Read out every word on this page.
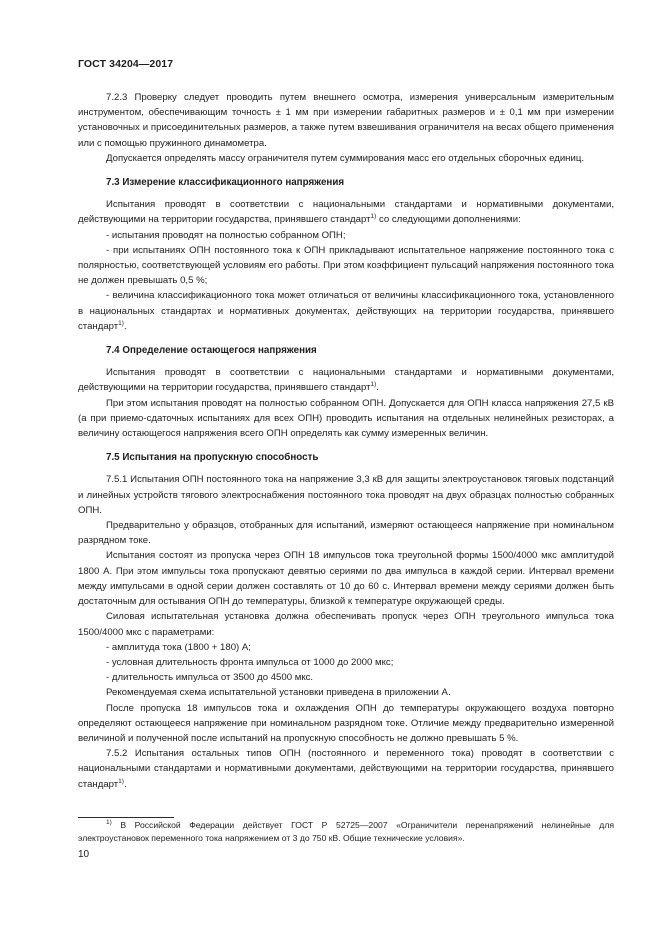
ГОСТ 34204—2017

7.2.3 Проверку следует проводить путем внешнего осмотра, измерения универсальным измерительным инструментом, обеспечивающим точность ± 1 мм при измерении габаритных размеров и ± 0,1 мм при измерении установочных и присоединительных размеров, а также путем взвешивания ограничителя на весах общего применения или с помощью пружинного динамометра.

Допускается определять массу ограничителя путем суммирования масс его отдельных сборочных единиц.

7.3 Измерение классификационного напряжения

Испытания проводят в соответствии с национальными стандартами и нормативными документами, действующими на территории государства, принявшего стандарт$^{1)}$ со следующими дополнениями:

- испытания проводят на полностью собранном ОПН;

- при испытаниях ОПН постоянного тока к ОПН прикладывают испытательное напряжение постоянного тока с полярностью, соответствующей условиям его работы. При этом коэффициент пульсаций напряжения постоянного тока не должен превышать 0,5 %;

- величина классификационного тока может отличаться от величины классификационного тока, установленного в национальных стандартах и нормативных документах, действующих на территории государства, принявшего стандарт$^{1)}$.

7.4 Определение остающегося напряжения

Испытания проводят в соответствии с национальными стандартами и нормативными документами, действующими на территории государства, принявшего стандарт$^{1)}$.

При этом испытания проводят на полностью собранном ОПН. Допускается для ОПН класса напряжения 27,5 кВ (а при приемо-сдаточных испытаниях для всех ОПН) проводить испытания на отдельных нелинейных резисторах, а величину остающегося напряжения всего ОПН определять как сумму измеренных величин.

7.5 Испытания на пропускную способность

7.5.1 Испытания ОПН постоянного тока на напряжение 3,3 кВ для защиты электроустановок тяговых подстанций и линейных устройств тягового электроснабжения постоянного тока проводят на двух образцах полностью собранных ОПН.

Предварительно у образцов, отобранных для испытаний, измеряют остающееся напряжение при номинальном разрядном токе.

Испытания состоят из пропуска через ОПН 18 импульсов тока треугольной формы 1500/4000 мкс амплитудой 1800 А. При этом импульсы тока пропускают девятью сериями по два импульса в каждой серии. Интервал времени между импульсами в одной серии должен составлять от 10 до 60 с. Интервал времени между сериями должен быть достаточным для остывания ОПН до температуры, близкой к температуре окружающей среды.

Силовая испытательная установка должна обеспечивать пропуск через ОПН треугольного импульса тока 1500/4000 мкс с параметрами:

- амплитуда тока (1800 + 180) А;

- условная длительность фронта импульса от 1000 до 2000 мкс;

- длительность импульса от 3500 до 4500 мкс.

Рекомендуемая схема испытательной установки приведена в приложении А.

После пропуска 18 импульсов тока и охлаждения ОПН до температуры окружающего воздуха повторно определяют остающееся напряжение при номинальном разрядном токе. Отличие между предварительно измеренной величиной и полученной после испытаний на пропускную способность не должно превышать 5 %.

7.5.2 Испытания остальных типов ОПН (постоянного и переменного тока) проводят в соответствии с национальными стандартами и нормативными документами, действующими на территории государства, принявшего стандарт$^{1)}$.

$^{1)}$ В Российской Федерации действует ГОСТ Р 52725—2007 «Ограничители перенапряжений нелинейные для электроустановок переменного тока напряжением от 3 до 750 кВ. Общие технические условия».

10
